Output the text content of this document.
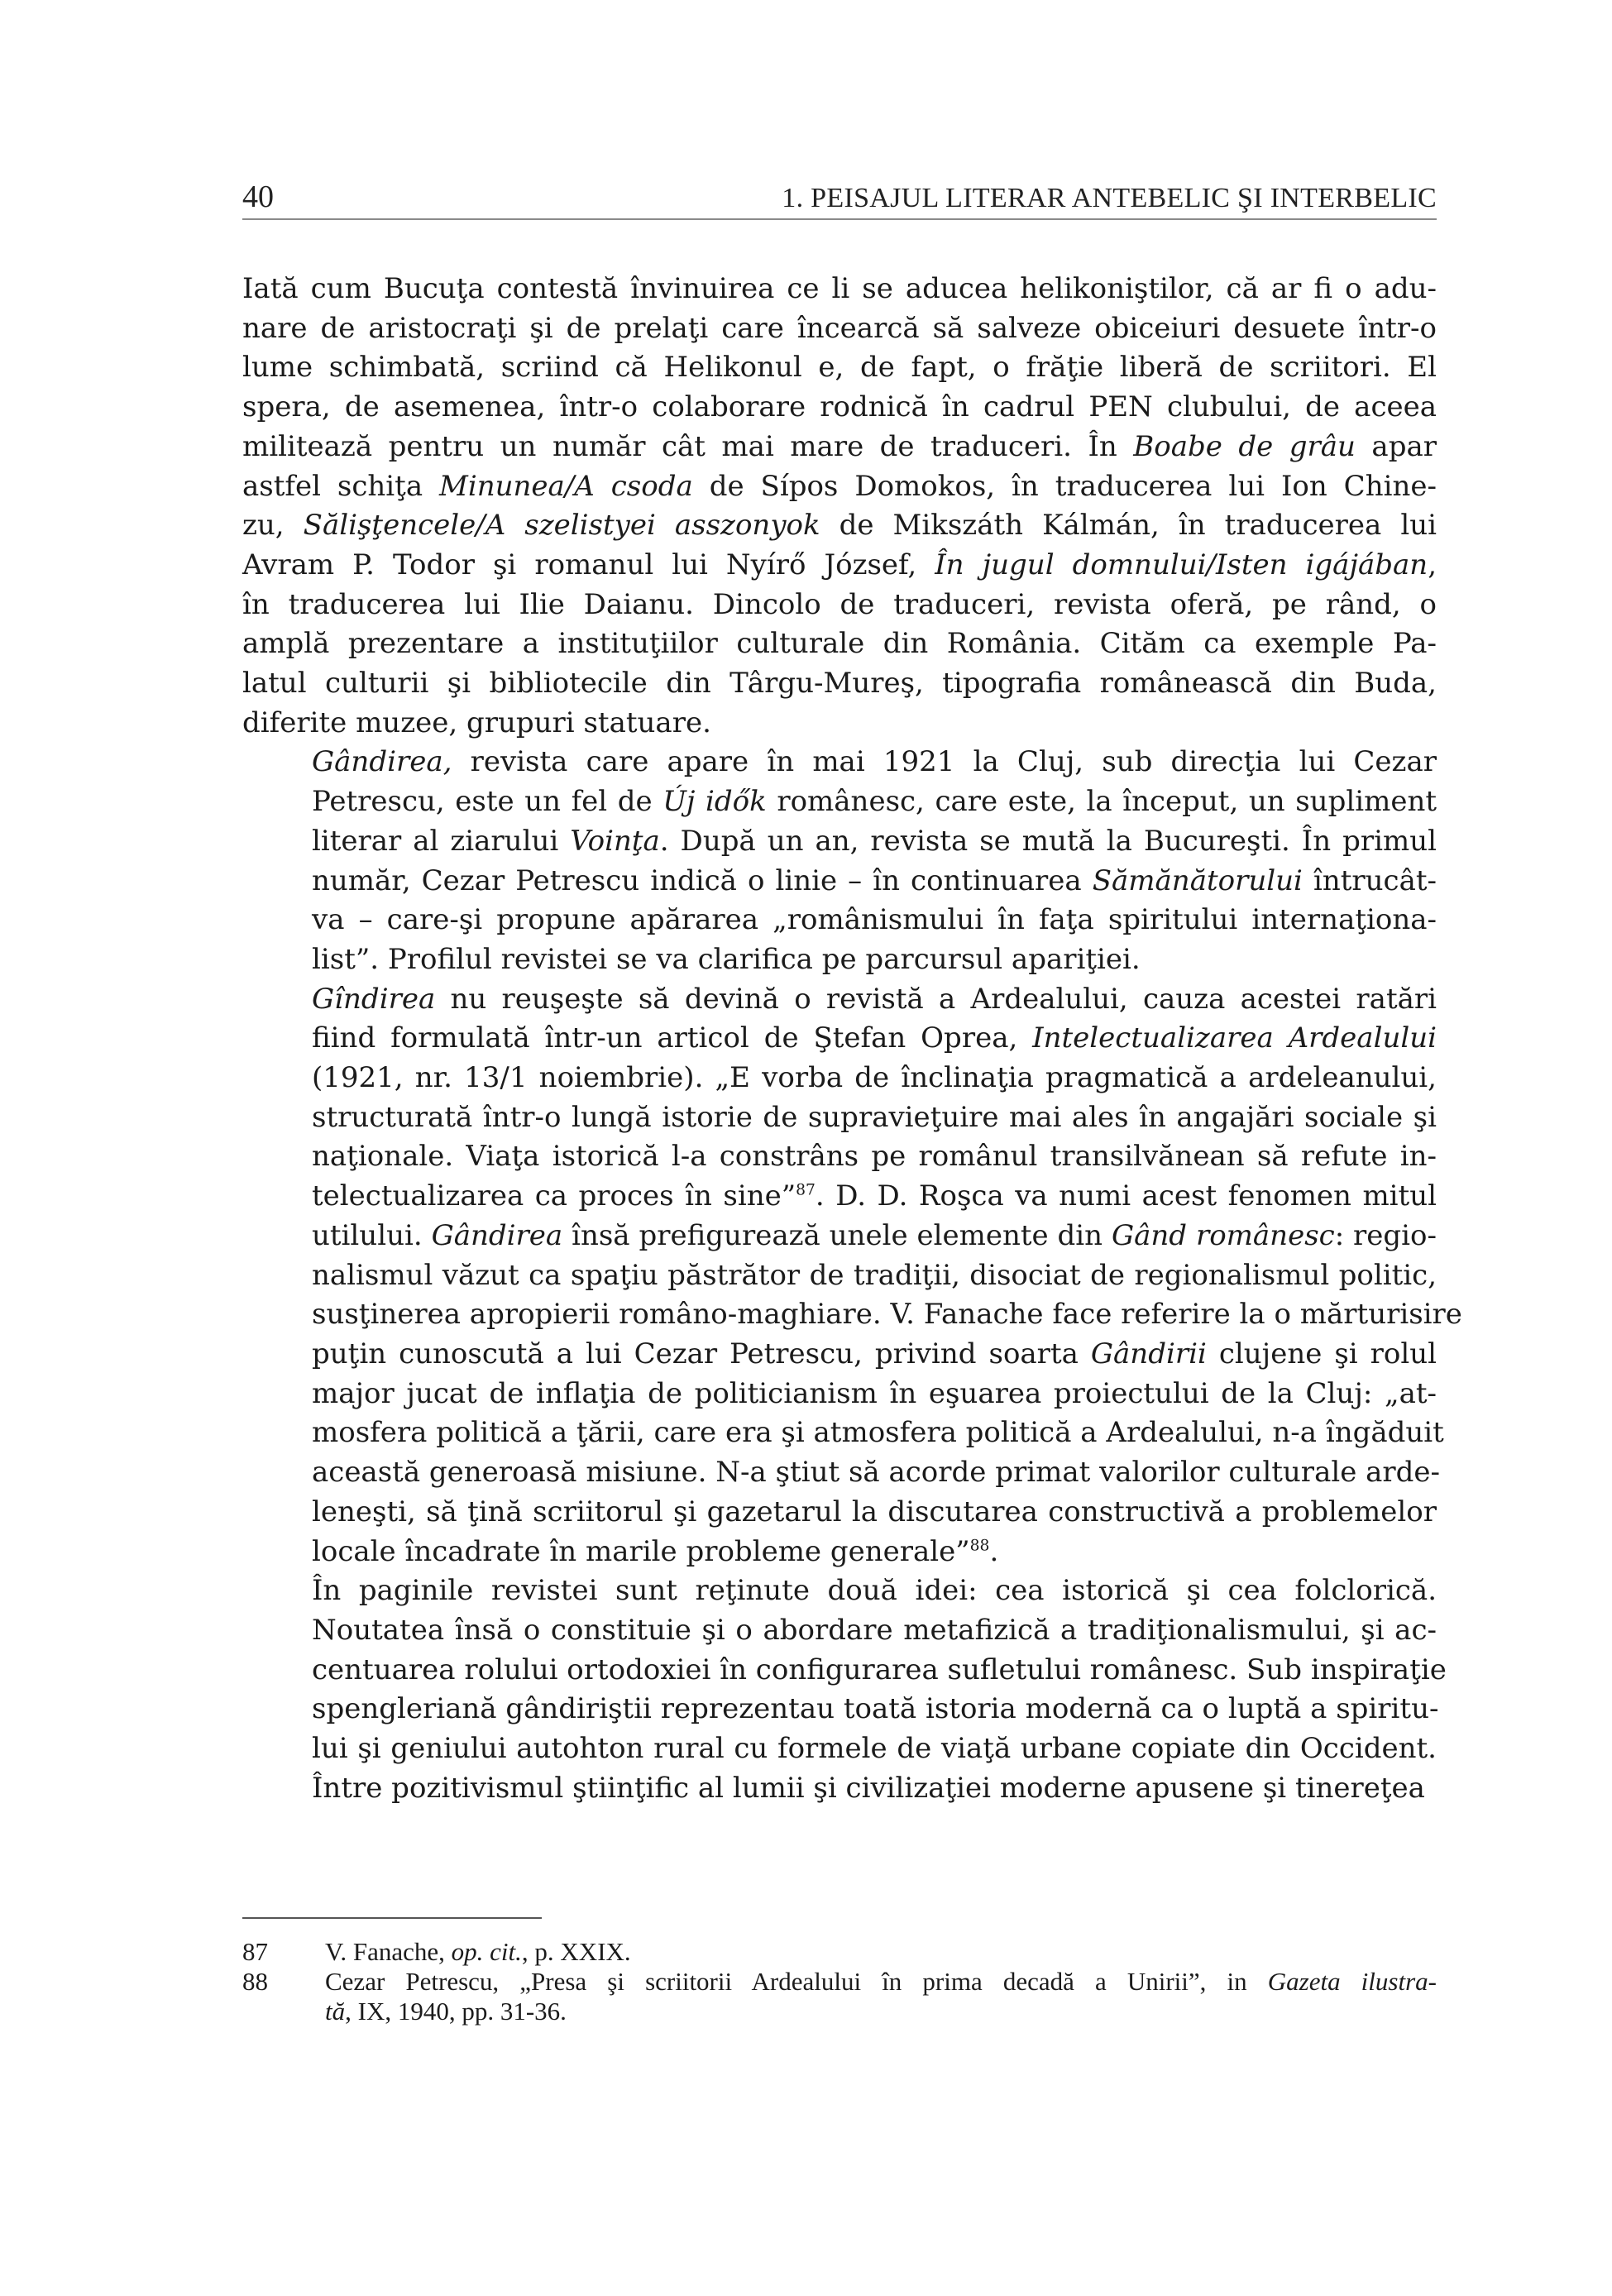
40	1. PEISAJUL LITERAR ANTEBELIC ŞI INTERBELIC

Iată cum Bucuţa contestă învinuirea ce li se aducea helikoniştilor, că ar fi o adu-
nare de aristocraţi şi de prelaţi care încearcă să salveze obiceiuri desuete într-o
lume schimbată, scriind că Helikonul e, de fapt, o frăţie liberă de scriitori. El
spera, de asemenea, într-o colaborare rodnică în cadrul PEN clubului, de aceea
militează pentru un număr cât mai mare de traduceri. În Boabe de grâu apar
astfel schiţa Minunea/A csoda de Sípos Domokos, în traducerea lui Ion Chine-
zu, Sălişţencele/A szelistyei asszonyok de Mikszáth Kálmán, în traducerea lui
Avram P. Todor şi romanul lui Nyírő József, În jugul domnului/Isten igájában,
în traducerea lui Ilie Daianu. Dincolo de traduceri, revista oferă, pe rând, o
amplă prezentare a instituţiilor culturale din România. Cităm ca exemple Pa-
latul culturii şi bibliotecile din Târgu-Mureş, tipografia românească din Buda,
diferite muzee, grupuri statuare.

Gândirea, revista care apare în mai 1921 la Cluj, sub direcţia lui Cezar
Petrescu, este un fel de Új idők românesc, care este, la început, un supliment
literar al ziarului Voinţa. După un an, revista se mută la Bucureşti. În primul
număr, Cezar Petrescu indică o linie – în continuarea Sămănătorului întrucât-
va – care-şi propune apărarea „românismului în faţa spiritului internaţiona-
list”. Profilul revistei se va clarifica pe parcursul apariţiei.

Gîndirea nu reuşeşte să devină o revistă a Ardealului, cauza acestei ratări
fiind formulată într-un articol de Ştefan Oprea, Intelectualizarea Ardealului
(1921, nr. 13/1 noiembrie). „E vorba de înclinaţia pragmatică a ardeleanului,
structurată într-o lungă istorie de supravieţuire mai ales în angajări sociale şi
naţionale. Viaţa istorică l-a constrâns pe românul transilvănean să refute in-
telectualizarea ca proces în sine”$^{87}$. D. D. Roşca va numi acest fenomen mitul
utilului. Gândirea însă prefigurează unele elemente din Gând românesc: regio-
nalismul văzut ca spaţiu păstrător de tradiţii, disociat de regionalismul politic,
susţinerea apropierii româno-maghiare. V. Fanache face referire la o mărturisire
puţin cunoscută a lui Cezar Petrescu, privind soarta Gândirii clujene şi rolul
major jucat de inflaţia de politicianism în eşuarea proiectului de la Cluj: „at-
mosfera politică a ţării, care era şi atmosfera politică a Ardealului, n-a îngăduit
această generoasă misiune. N-a ştiut să acorde primat valorilor culturale arde-
leneşti, să ţină scriitorul şi gazetarul la discutarea constructivă a problemelor
locale încadrate în marile probleme generale”$^{88}$.

În paginile revistei sunt reţinute două idei: cea istorică şi cea folclorică.
Noutatea însă o constituie şi o abordare metafizică a tradiţionalismului, şi ac-
centuarea rolului ortodoxiei în configurarea sufletului românesc. Sub inspiraţie
spengleriană gândiriştii reprezentau toată istoria modernă ca o luptă a spiritu-
lui şi geniului autohton rural cu formele de viaţă urbane copiate din Occident.
Între pozitivismul ştiinţific al lumii şi civilizaţiei moderne apusene şi tinereţea

87 V. Fanache, op. cit., p. XXIX.
88 Cezar Petrescu, „Presa şi scriitorii Ardealului în prima decadă a Unirii”, in Gazeta ilustra-
tă, IX, 1940, pp. 31-36.
